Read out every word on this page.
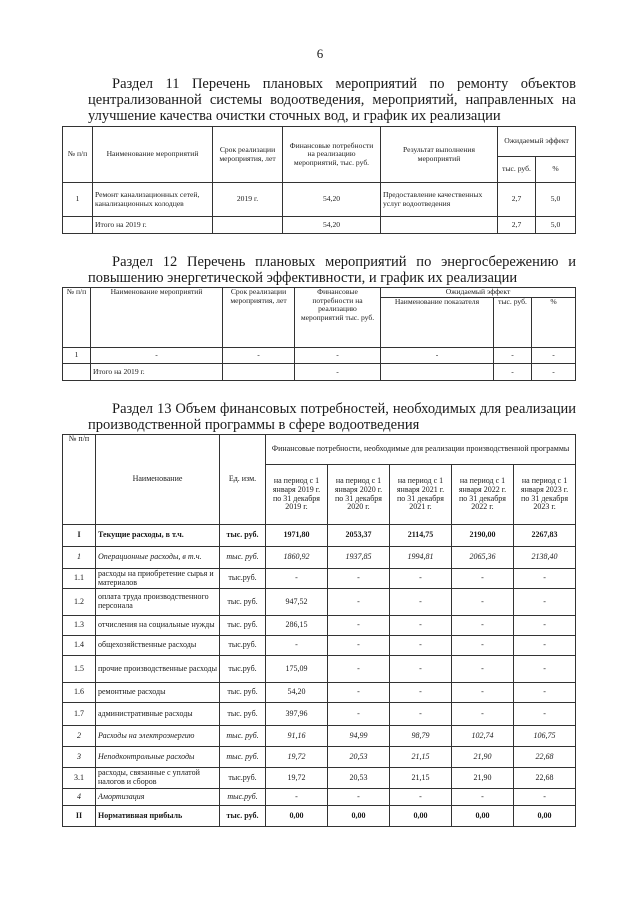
6
Раздел 11 Перечень плановых мероприятий по ремонту объектов
централизованной системы водоотведения, мероприятий, направленных на
улучшение качества очистки сточных вод, и график их реализации
№ п/п	Наименование мероприятий	Срок реализации мероприятия, лет	Финансовые потребности на реализацию мероприятий, тыс. руб.	Результат выполнения мероприятий	Ожидаемый эффект	
					тыс. руб.	%
1	Ремонт канализационных сетей, канализационных колодцев	2019 г.	54,20	Предоставление качественных услуг водоотведения	2,7	5,0
	Итого на 2019 г.		54,20		2,7	5,0
Раздел 12 Перечень плановых мероприятий по энергосбережению и
повышению энергетической эффективности, и график их реализации
№ п/п	Наименование мероприятий	Срок реализации мероприятия, лет	Финансовые потребности на реализацию мероприятий тыс. руб.	Ожидаемый эффект		
				Наименование показателя	тыс. руб.	%
1	-	-	-	-	-	-
	Итого на 2019 г.		-		-	-
Раздел 13 Объем финансовых потребностей, необходимых для реализации
производственной программы в сфере водоотведения
№ п/п	Наименование	Ед. изм.	Финансовые потребности, необходимые для реализации производственной программы				
			на период с 1 января 2019 г. по 31 декабря 2019 г.	на период с 1 января 2020 г. по 31 декабря 2020 г.	на период с 1 января 2021 г. по 31 декабря 2021 г.	на период с 1 января 2022 г. по 31 декабря 2022 г.	на период с 1 января 2023 г. по 31 декабря 2023 г.
I	Текущие расходы, в т.ч.	тыс. руб.	1971,80	2053,37	2114,75	2190,00	2267,83
1	Операционные расходы, в т.ч.	тыс. руб.	1860,92	1937,85	1994,81	2065,36	2138,40
1.1	расходы на приобретение сырья и материалов	тыс.руб.	-	-	-	-	-
1.2	оплата труда производственного персонала	тыс. руб.	947,52	-	-	-	-
1.3	отчисления на социальные нужды	тыс. руб.	286,15	-	-	-	-
1.4	общехозяйственные расходы	тыс.руб.	-	-	-	-	-
1.5	прочие производственные расходы	тыс.руб.	175,09	-	-	-	-
1.6	ремонтные расходы	тыс. руб.	54,20	-	-	-	-
1.7	административные расходы	тыс. руб.	397,96	-	-	-	-
2	Расходы на электроэнергию	тыс. руб.	91,16	94,99	98,79	102,74	106,75
3	Неподконтрольные расходы	тыс. руб.	19,72	20,53	21,15	21,90	22,68
3.1	расходы, связанные с уплатой налогов и сборов	тыс.руб.	19,72	20,53	21,15	21,90	22,68
4	Амортизация	тыс.руб.	-	-	-	-	-
II	Нормативная прибыль	тыс. руб.	0,00	0,00	0,00	0,00	0,00
